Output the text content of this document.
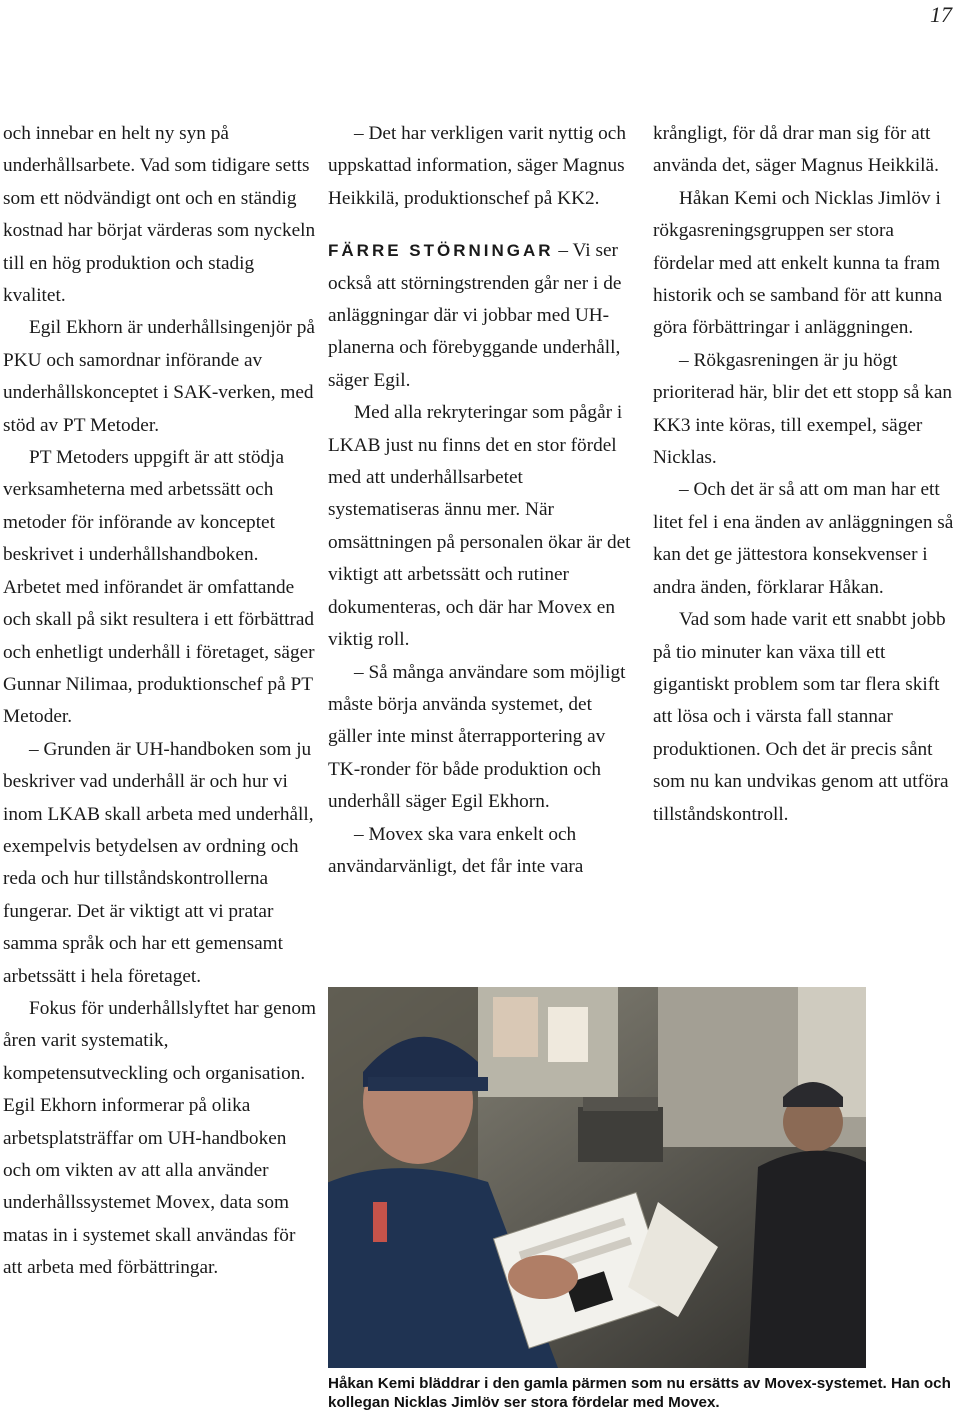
17

och innebar en helt ny syn på underhållsarbete. Vad som tidigare setts som ett nödvändigt ont och en ständig kostnad har börjat värderas som nyckeln till en hög produktion och stadig kvalitet.

Egil Ekhorn är underhållsingenjör på PKU och samordnar införande av underhållskonceptet i SAK-verken, med stöd av PT Metoder.

PT Metoders uppgift är att stödja verksamheterna med arbetssätt och metoder för införande av konceptet beskrivet i underhållshandboken. Arbetet med införandet är omfattande och skall på sikt resultera i ett förbättrad och enhetligt underhåll i företaget, säger Gunnar Nilimaa, produktionschef på PT Metoder.

– Grunden är UH-handboken som ju beskriver vad underhåll är och hur vi inom LKAB skall arbeta med underhåll, exempelvis betydelsen av ordning och reda och hur tillståndskontrollerna fungerar. Det är viktigt att vi pratar samma språk och har ett gemensamt arbetssätt i hela företaget.

Fokus för underhållslyftet har genom åren varit systematik, kompetensutveckling och organisation. Egil Ekhorn informerar på olika arbetsplatsträffar om UH-handboken och om vikten av att alla använder underhållssystemet Movex, data som matas in i systemet skall användas för att arbeta med förbättringar.

– Det har verkligen varit nyttig och uppskattad information, säger Magnus Heikkilä, produktionschef på KK2.

FÄRRE STÖRNINGAR – Vi ser också att störningstrenden går ner i de anläggningar där vi jobbar med UH-planerna och förebyggande underhåll, säger Egil.

Med alla rekryteringar som pågår i LKAB just nu finns det en stor fördel med att underhållsarbetet systematiseras ännu mer. När omsättningen på personalen ökar är det viktigt att arbetssätt och rutiner dokumenteras, och där har Movex en viktig roll.

– Så många användare som möjligt måste börja använda systemet, det gäller inte minst återrapportering av TK-ronder för både produktion och underhåll säger Egil Ekhorn.

– Movex ska vara enkelt och användarvänligt, det får inte vara

krångligt, för då drar man sig för att använda det, säger Magnus Heikkilä.

Håkan Kemi och Nicklas Jimlöv i rökgasreningsgruppen ser stora fördelar med att enkelt kunna ta fram historik och se samband för att kunna göra förbättringar i anläggningen.

– Rökgasreningen är ju högt prioriterad här, blir det ett stopp så kan KK3 inte köras, till exempel, säger Nicklas.

– Och det är så att om man har ett litet fel i ena änden av anläggningen så kan det ge jättestora konsekvenser i andra änden, förklarar Håkan.

Vad som hade varit ett snabbt jobb på tio minuter kan växa till ett gigantiskt problem som tar flera skift att lösa och i värsta fall stannar produktionen. Och det är precis sånt som nu kan undvikas genom att utföra tillståndskontroll.

Håkan Kemi bläddrar i den gamla pärmen som nu ersätts av Movex-systemet. Han och kollegan Nicklas Jimlöv ser stora fördelar med Movex.
